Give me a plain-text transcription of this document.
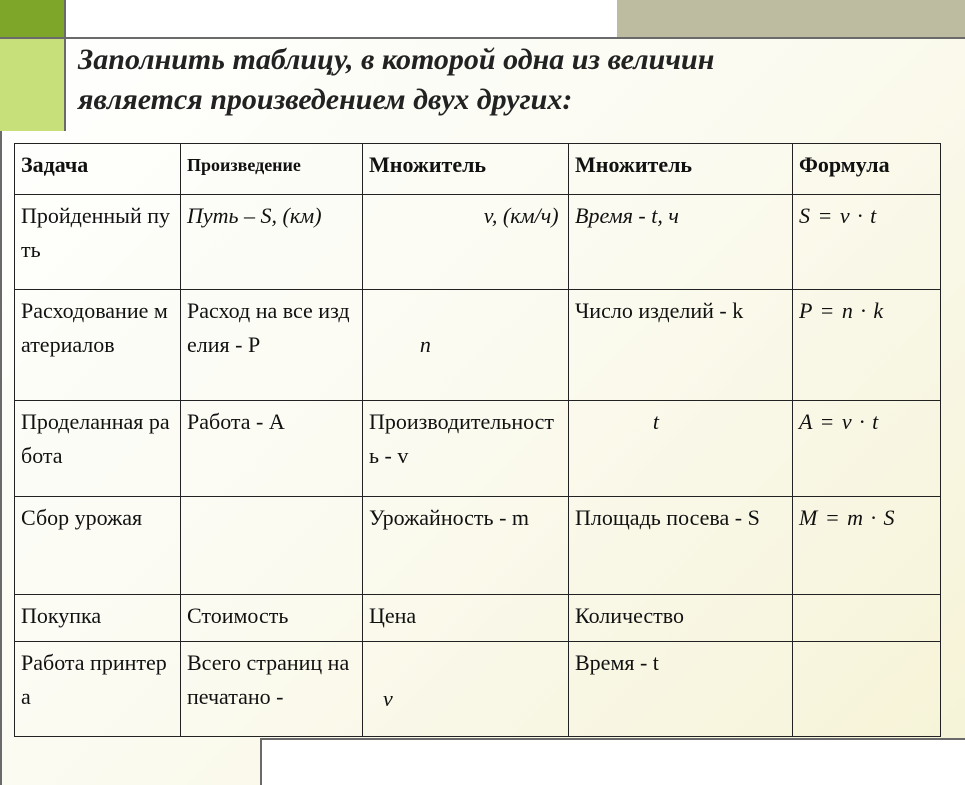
Заполнить таблицу, в которой одна из величин
является произведением двух других:
Задача	Произведение	Множитель	Множитель	Формула
Пройденный путь	Путь – S, (км)	v, (км/ч)	Время - t, ч	S = v · t
Расходование материалов	Расход на все изделия - P	n	Число изделий - k	P = n · k
Проделанная работа	Работа - A	Производительность - v	t	A = v · t
Сбор урожая		Урожайность - m	Площадь посева - S	M = m · S
Покупка	Стоимость	Цена	Количество	
Работа принтера	Всего страниц напечатано -	v	Время - t	
